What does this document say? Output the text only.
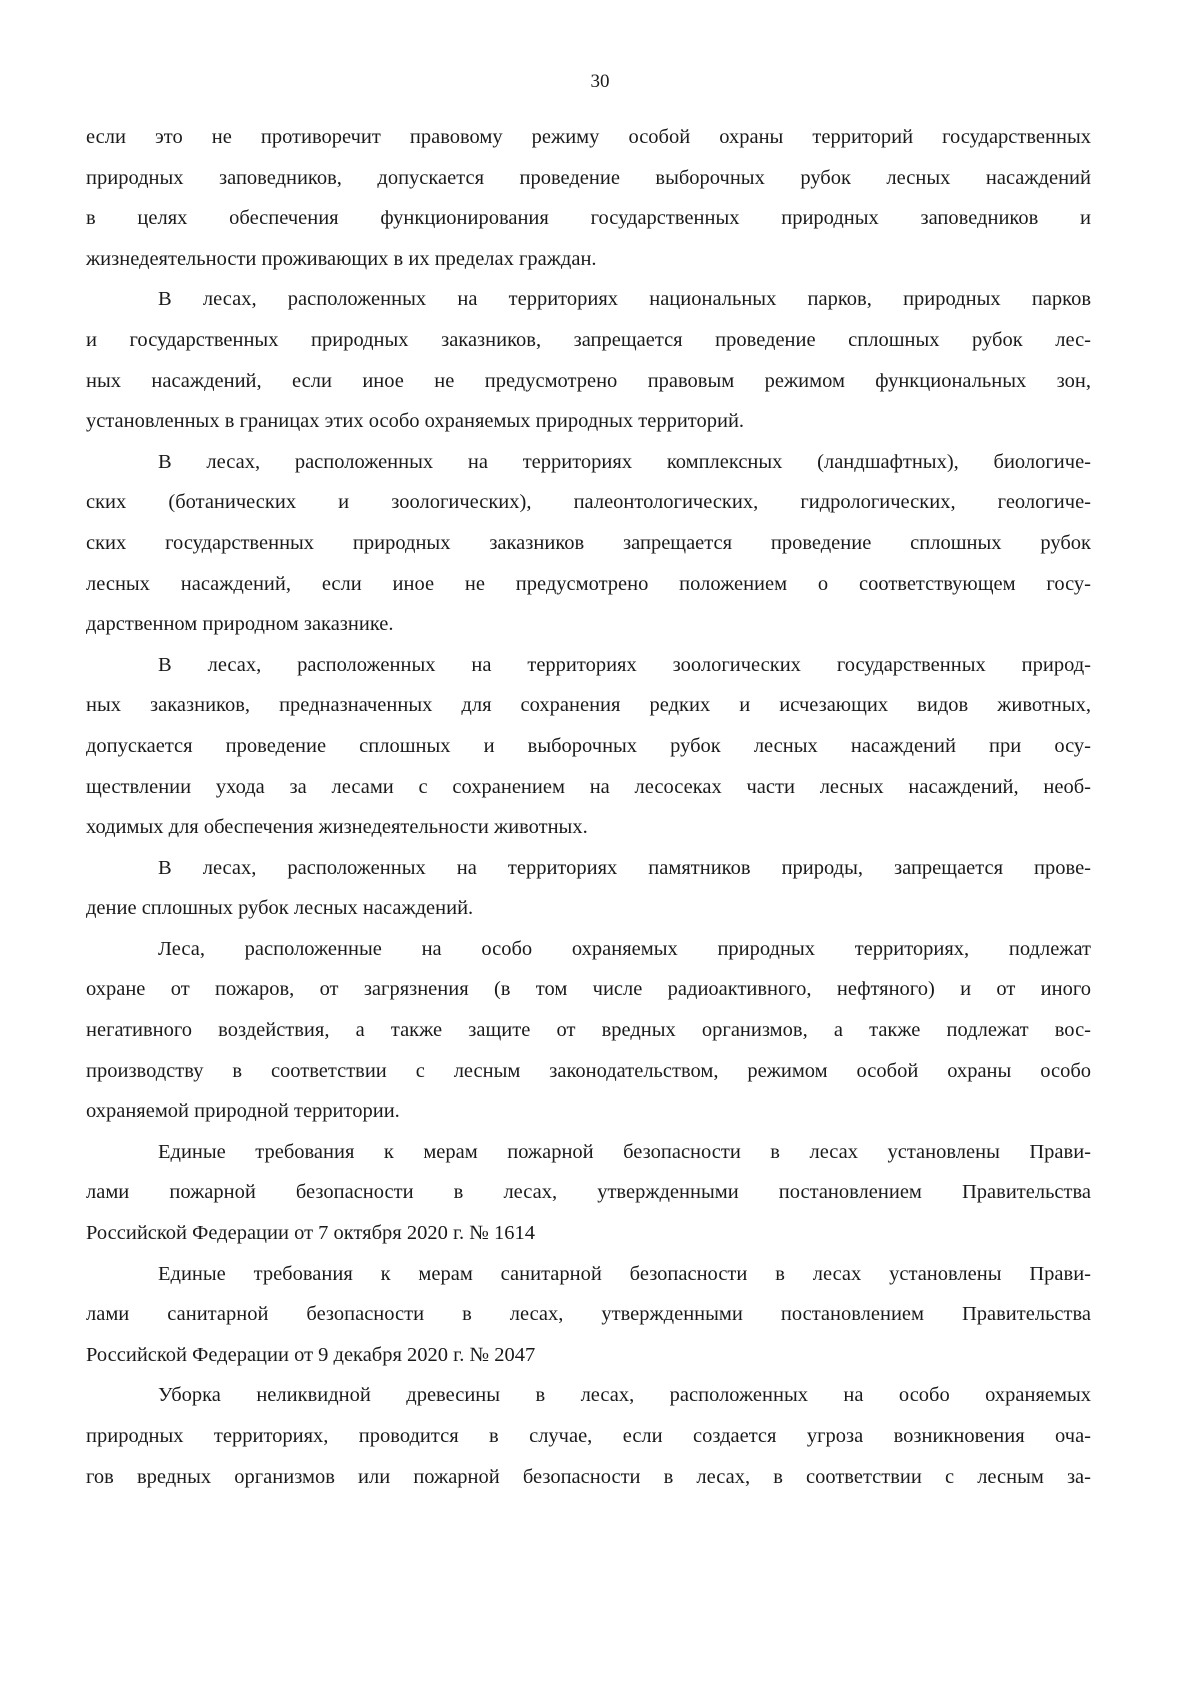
30
если это не противоречит правовому режиму особой охраны территорий государственных
природных заповедников, допускается проведение выборочных рубок лесных насаждений
в целях обеспечения функционирования государственных природных заповедников и
жизнедеятельности проживающих в их пределах граждан.
В лесах, расположенных на территориях национальных парков, природных парков
и государственных природных заказников, запрещается проведение сплошных рубок лес-
ных насаждений, если иное не предусмотрено правовым режимом функциональных зон,
установленных в границах этих особо охраняемых природных территорий.
В лесах, расположенных на территориях комплексных (ландшафтных), биологиче-
ских (ботанических и зоологических), палеонтологических, гидрологических, геологиче-
ских государственных природных заказников запрещается проведение сплошных рубок
лесных насаждений, если иное не предусмотрено положением о соответствующем госу-
дарственном природном заказнике.
В лесах, расположенных на территориях зоологических государственных природ-
ных заказников, предназначенных для сохранения редких и исчезающих видов животных,
допускается проведение сплошных и выборочных рубок лесных насаждений при осу-
ществлении ухода за лесами с сохранением на лесосеках части лесных насаждений, необ-
ходимых для обеспечения жизнедеятельности животных.
В лесах, расположенных на территориях памятников природы, запрещается прове-
дение сплошных рубок лесных насаждений.
Леса, расположенные на особо охраняемых природных территориях, подлежат
охране от пожаров, от загрязнения (в том числе радиоактивного, нефтяного) и от иного
негативного воздействия, а также защите от вредных организмов, а также подлежат вос-
производству в соответствии с лесным законодательством, режимом особой охраны особо
охраняемой природной территории.
Единые требования к мерам пожарной безопасности в лесах установлены Прави-
лами пожарной безопасности в лесах, утвержденными постановлением Правительства
Российской Федерации от 7 октября 2020 г. № 1614
Единые требования к мерам санитарной безопасности в лесах установлены Прави-
лами санитарной безопасности в лесах, утвержденными постановлением Правительства
Российской Федерации от 9 декабря 2020 г. № 2047
Уборка неликвидной древесины в лесах, расположенных на особо охраняемых
природных территориях, проводится в случае, если создается угроза возникновения оча-
гов вредных организмов или пожарной безопасности в лесах, в соответствии с лесным за-
